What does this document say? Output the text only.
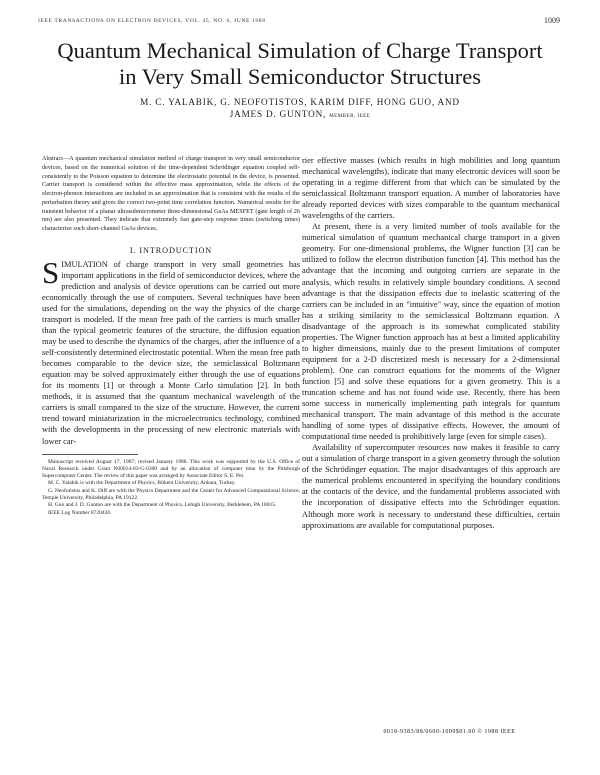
IEEE TRANSACTIONS ON ELECTRON DEVICES, VOL. 35, NO. 6, JUNE 1988	1009
Quantum Mechanical Simulation of Charge Transport
in Very Small Semiconductor Structures
M. C. YALABIK, G. NEOFOTISTOS, KARIM DIFF, HONG GUO, AND
JAMES D. GUNTON, MEMBER, IEEE

Abstract—A quantum mechanical simulation method of charge transport in very small semiconductor devices, based on the numerical solution of the time-dependent Schrödinger equation coupled self-consistently to the Poisson equation to determine the electrostatic potential in the device, is presented. Carrier transport is considered within the effective mass approximation, while the effects of the electron-phonon interactions are included in an approximation that is consistent with the results of the perturbation theory and gives the correct two-point time correlation function. Numerical results for the transient behavior of a planar ultrasubmicrometer three-dimensional GaAs MESFET (gate length of 26 nm) are also presented. They indicate that extremely fast gate-step response times (switching times) characterize such short-channel GaAs devices.

I. INTRODUCTION

SIMULATION of charge transport in very small geometries has important applications in the field of semiconductor devices, where the prediction and analysis of device operations can be carried out more economically through the use of computers. Several techniques have been used for the simulations, depending on the way the physics of the charge transport is modeled. If the mean free path of the carriers is much smaller than the typical geometric features of the structure, the diffusion equation may be used to describe the dynamics of the charges, after the influence of a self-consistently determined electrostatic potential. When the mean free path becomes comparable to the device size, the semiclassical Boltzmann equation may be solved approximately either through the use of equations for its moments [1] or through a Monte Carlo simulation [2]. In both methods, it is assumed that the quantum mechanical wavelength of the carriers is small compared to the size of the structure. However, the current trend toward miniaturization in the microelectronics technology, combined with the developments in the processing of new electronic materials with lower car-

Manuscript received August 17, 1987; revised January 1988. This work was supported by the U.S. Office of Naval Research under Grant N00014-83-G-0300 and by an allocation of computer time by the Pittsburgh Supercomputer Center. The review of this paper was arranged by Associate Editor S. E. Pei.

M. C. Yalabik is with the Department of Physics, Bilkent University, Ankara, Turkey.

G. Neofotistos and K. Diff are with the Physics Department and the Center for Advanced Computational Science, Temple University, Philadelphia, PA 19122.

H. Guo and J. D. Gunton are with the Department of Physics, Lehigh University, Bethlehem, PA 18015.

IEEE Log Number 8720420.

rier effective masses (which results in high mobilities and long quantum mechanical wavelengths), indicate that many electronic devices will soon be operating in a regime different from that which can be simulated by the semiclassical Boltzmann transport equation. A number of laboratories have already reported devices with sizes comparable to the quantum mechanical wavelengths of the carriers.

At present, there is a very limited number of tools available for the numerical simulation of quantum mechanical charge transport in a given geometry. For one-dimensional problems, the Wigner function [3] can be utilized to follow the electron distribution function [4]. This method has the advantage that the incoming and outgoing carriers are separate in the analysis, which results in relatively simple boundary conditions. A second advantage is that the dissipation effects due to inelastic scattering of the carriers can be included in an "intuitive" way, since the equation of motion has a striking similarity to the semiclassical Boltzmann equation. A disadvantage of the approach is its somewhat complicated stability properties. The Wigner function approach has at best a limited applicability to higher dimensions, mainly due to the present limitations of computer equipment for a 2-D discretized mesh is necessary for a 2-dimensional problem). One can construct equations for the moments of the Wigner function [5] and solve these equations for a given geometry. This is a truncation scheme and has not found wide use. Recently, there has been some success in numerically implementing path integrals for quantum mechanical transport. The main advantage of this method is the accurate handling of some types of dissipative effects. However, the amount of computational time needed is prohibitively large (even for simple cases).

Availability of supercomputer resources now makes it feasible to carry out a simulation of charge transport in a given geometry through the solution of the Schrödinger equation. The major disadvantages of this approach are the numerical problems encountered in specifying the boundary conditions at the contacts of the device, and the fundamental problems associated with the incorporation of dissipative effects into the Schrödinger equation. Although more work is necessary to understand these difficulties, certain approximations are available for computational purposes.

0018-9383/88/0600-1009$01.00 © 1988 IEEE
